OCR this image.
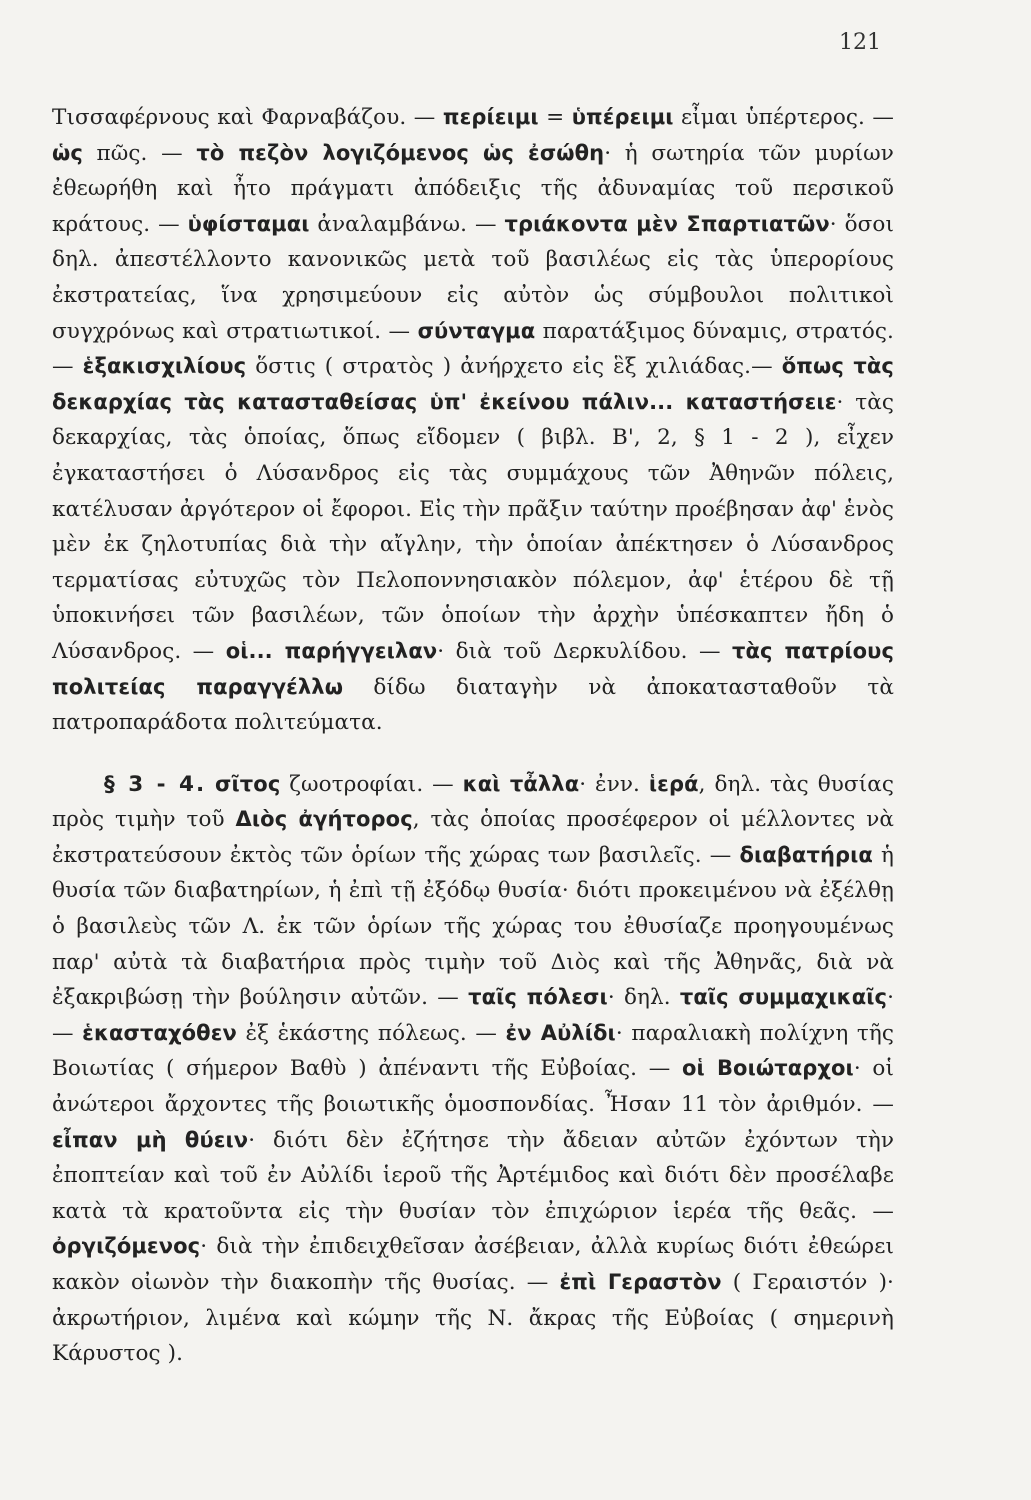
121

Τισσαφέρνους καὶ Φαρναβάζου. — περίειμι = ὑπέρειμι εἶμαι ὑπέρτερος. — ὡς πῶς. — τὸ πεζὸν λογιζόμενος ὡς ἐσώθη· ἡ σωτηρία τῶν μυρίων ἐθεωρήθη καὶ ἦτο πράγματι ἀπόδειξις τῆς ἀδυναμίας τοῦ περσικοῦ κράτους. — ὑφίσταμαι ἀναλαμβάνω. — τριάκοντα μὲν Σπαρτιατῶν· ὅσοι δηλ. ἀπεστέλλοντο κανονικῶς μετὰ τοῦ βασιλέως εἰς τὰς ὑπερορίους ἐκστρατείας, ἵνα χρησιμεύουν εἰς αὐτὸν ὡς σύμβουλοι πολιτικοὶ συγχρόνως καὶ στρατιωτικοί. — σύνταγμα παρατάξιμος δύναμις, στρατός. — ἑξακισχιλίους ὅστις ( στρατὸς ) ἀνήρχετο εἰς ἓξ χιλιάδας.— ὅπως τὰς δεκαρχίας τὰς κατασταθείσας ὑπ' ἐκείνου πάλιν... καταστήσειε· τὰς δεκαρχίας, τὰς ὁποίας, ὅπως εἴδομεν ( βιβλ. Β', 2, § 1 - 2 ), εἶχεν ἐγκαταστήσει ὁ Λύσανδρος εἰς τὰς συμμάχους τῶν Ἀθηνῶν πόλεις, κατέλυσαν ἀργότερον οἱ ἔφοροι. Εἰς τὴν πρᾶξιν ταύτην προέβησαν ἀφ' ἑνὸς μὲν ἐκ ζηλοτυπίας διὰ τὴν αἴγλην, τὴν ὁποίαν ἀπέκτησεν ὁ Λύσανδρος τερματίσας εὐτυχῶς τὸν Πελοποννησιακὸν πόλεμον, ἀφ' ἑτέρου δὲ τῇ ὑποκινήσει τῶν βασιλέων, τῶν ὁποίων τὴν ἀρχὴν ὑπέσκαπτεν ἤδη ὁ Λύσανδρος. — οἱ... παρήγγειλαν· διὰ τοῦ Δερκυλίδου. — τὰς πατρίους πολιτείας παραγγέλλω δίδω διαταγὴν νὰ ἀποκατασταθοῦν τὰ πατροπαράδοτα πολιτεύματα.

§ 3 - 4. σῖτος ζωοτροφίαι. — καὶ τἆλλα· ἐνν. ἱερά, δηλ. τὰς θυσίας πρὸς τιμὴν τοῦ Διὸς ἀγήτορος, τὰς ὁποίας προσέφερον οἱ μέλλοντες νὰ ἐκστρατεύσουν ἐκτὸς τῶν ὁρίων τῆς χώρας των βασιλεῖς. — διαβατήρια ἡ θυσία τῶν διαβατηρίων, ἡ ἐπὶ τῇ ἐξόδῳ θυσία· διότι προκειμένου νὰ ἐξέλθῃ ὁ βασιλεὺς τῶν Λ. ἐκ τῶν ὁρίων τῆς χώρας του ἐθυσίαζε προηγουμένως παρ' αὐτὰ τὰ διαβατήρια πρὸς τιμὴν τοῦ Διὸς καὶ τῆς Ἀθηνᾶς, διὰ νὰ ἐξακριβώσῃ τὴν βούλησιν αὐτῶν. — ταῖς πόλεσι· δηλ. ταῖς συμμαχικαῖς· — ἑκασταχόθεν ἐξ ἑκάστης πόλεως. — ἐν Αὐλίδι· παραλιακὴ πολίχνη τῆς Βοιωτίας ( σήμερον Βαθὺ ) ἀπέναντι τῆς Εὐβοίας. — οἱ Βοιώταρχοι· οἱ ἀνώτεροι ἄρχοντες τῆς βοιωτικῆς ὁμοσπονδίας. Ἦσαν 11 τὸν ἀριθμόν. — εἶπαν μὴ θύειν· διότι δὲν ἐζήτησε τὴν ἄδειαν αὐτῶν ἐχόντων τὴν ἐποπτείαν καὶ τοῦ ἐν Αὐλίδι ἱεροῦ τῆς Ἀρτέμιδος καὶ διότι δὲν προσέλαβε κατὰ τὰ κρατοῦντα εἰς τὴν θυσίαν τὸν ἐπιχώριον ἱερέα τῆς θεᾶς. — ὀργιζόμενος· διὰ τὴν ἐπιδειχθεῖσαν ἀσέβειαν, ἀλλὰ κυρίως διότι ἐθεώρει κακὸν οἰωνὸν τὴν διακοπὴν τῆς θυσίας. — ἐπὶ Γεραστὸν ( Γεραιστόν )· ἀκρωτήριον, λιμένα καὶ κώμην τῆς Ν. ἄκρας τῆς Εὐβοίας ( σημερινὴ Κάρυστος ).
